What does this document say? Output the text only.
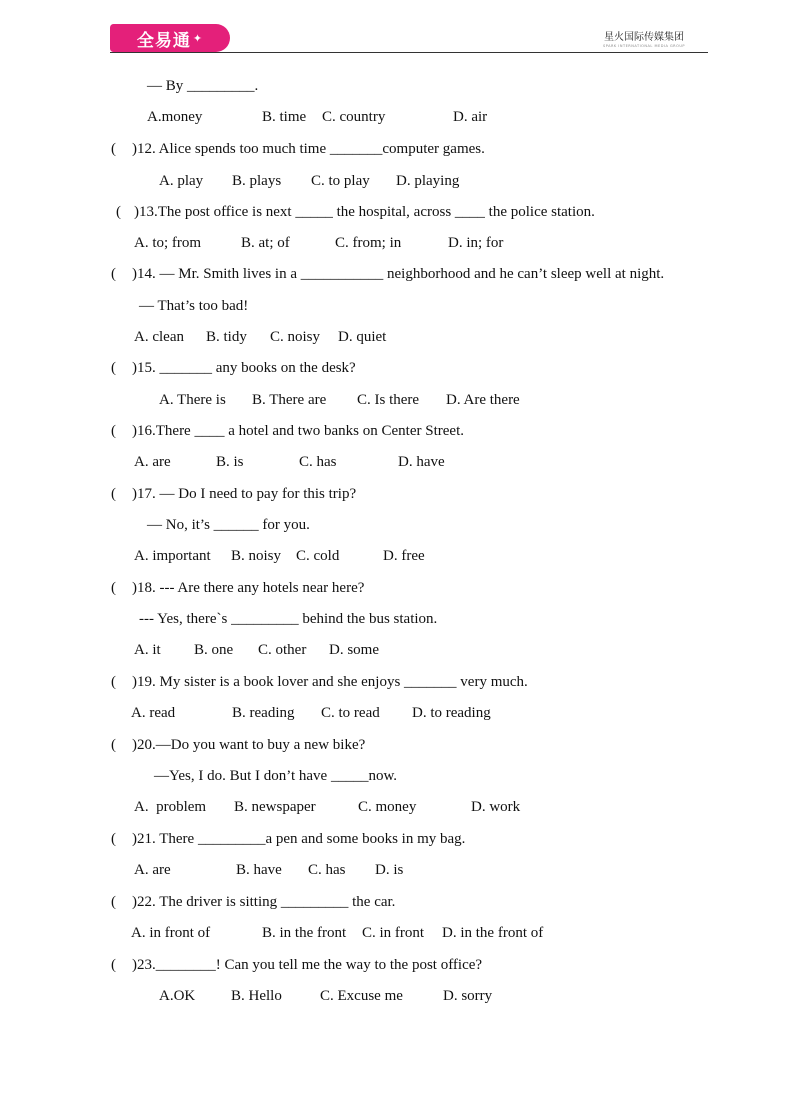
全易通 ✦	星火国际传媒集团
SPARK INTERNATIONAL MEDIA GROUP
— By _________.
A.money	B. time C. country	D. air
( )12. Alice spends too much time _______computer games.
A. play B. plays C. to play D. playing
( )13.The post office is next _____ the hospital, across ____ the police station.
A. to; from	B. at; of	C. from; in	D. in; for
( )14. — Mr. Smith lives in a ___________ neighborhood and he can’t sleep well at night.
— That’s too bad!
A. clean B. tidy C. noisy D. quiet
( )15. _______ any books on the desk?
A. There is B. There are C. Is there D. Are there
( )16.There ____ a hotel and two banks on Center Street.
A. are	B. is	C. has	D. have
( )17. — Do I need to pay for this trip?
— No, it’s ______ for you.
A. important B. noisy C. cold	D. free
( )18. --- Are there any hotels near here?
--- Yes, there`s _________ behind the bus station.
A. it B. one C. other D. some
( )19. My sister is a book lover and she enjoys _______ very much.
A. read	B. reading C. to read D. to reading
( )20.—Do you want to buy a new bike?
—Yes, I do. But I don’t have _____now.
A.  problem B. newspaper	C. money	D. work
( )21. There _________a pen and some books in my bag.
A. are	B. have C. has D. is
( )22. The driver is sitting _________ the car.
A. in front of	B. in the front C. in front D. in the front of
( )23.________! Can you tell me the way to the post office?
A.OK B. Hello	C. Excuse me	D. sorry
